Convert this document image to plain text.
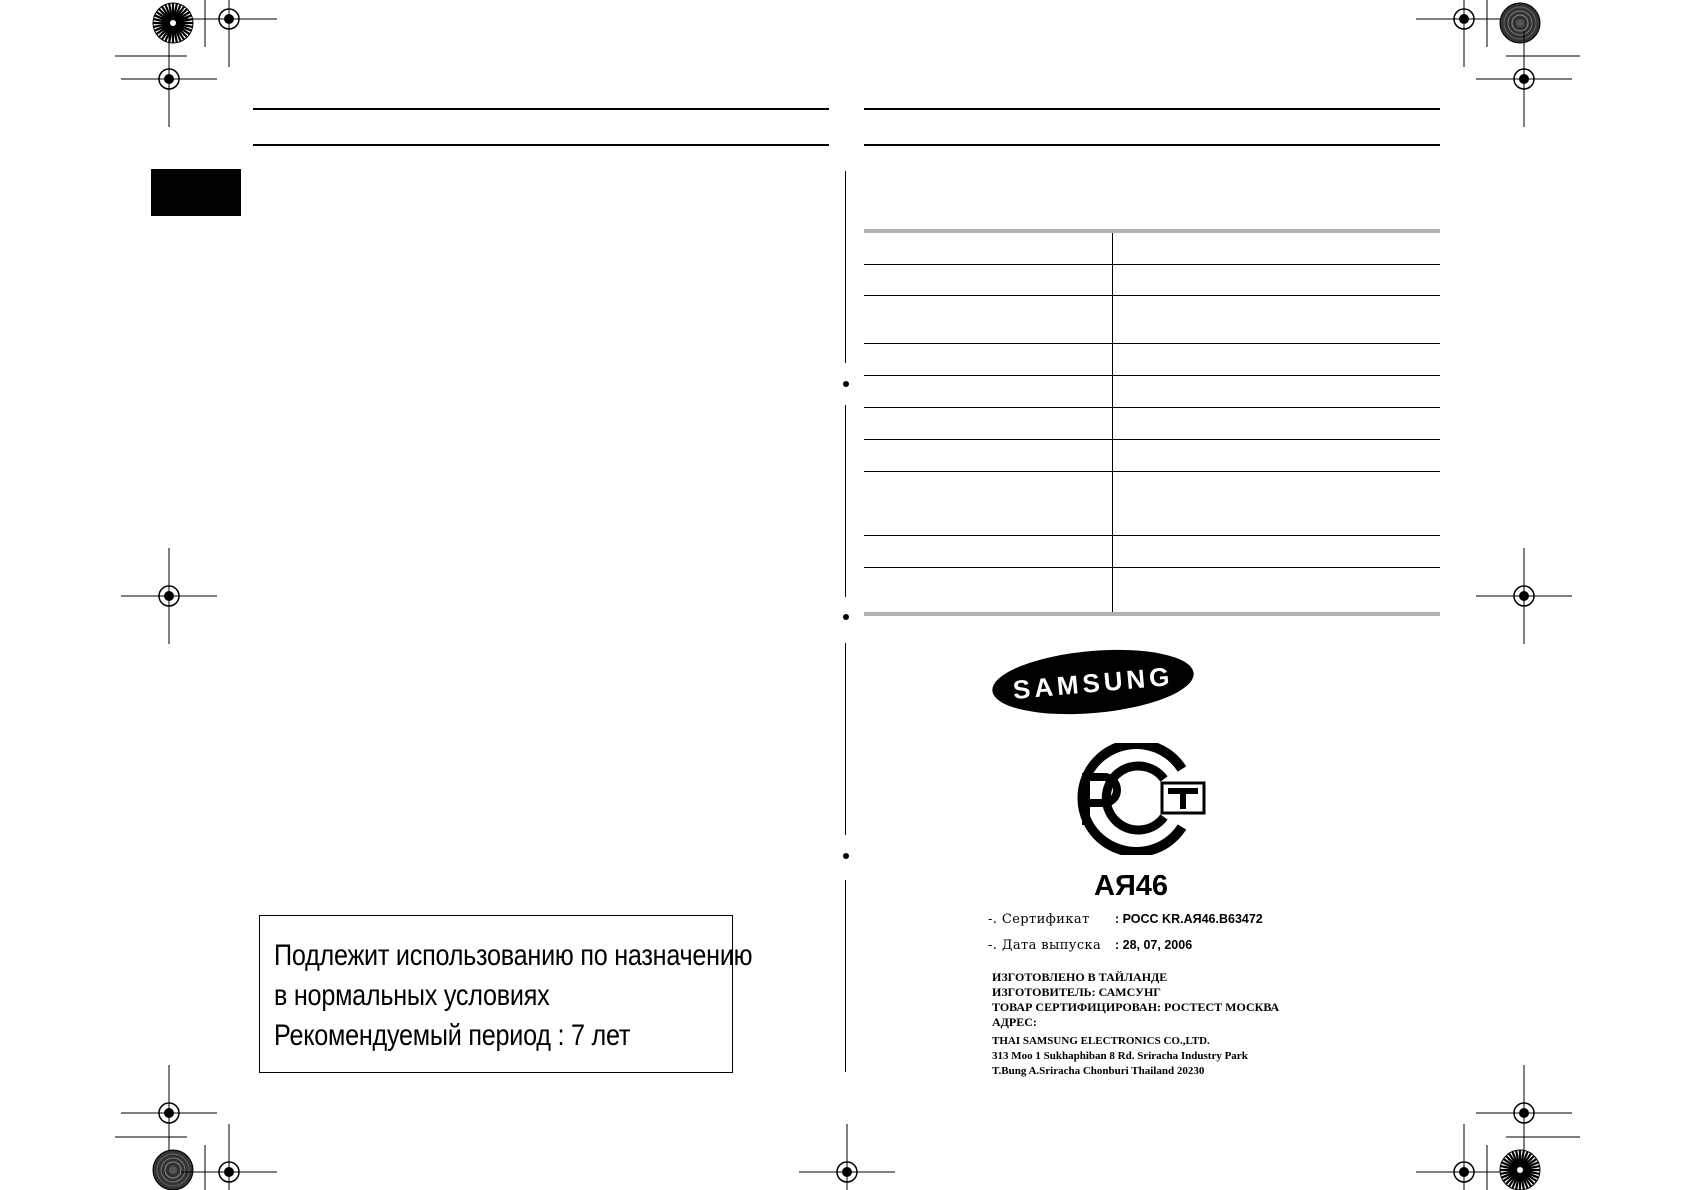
Подлежит использованию по назначению
в нормальных условиях
Рекомендуемый период : 7 лет
SAMSUNG
АЯ46
-. Сертификат : РОСС KR.АЯ46.B63472
-. Дата выпуска : 28, 07, 2006
ИЗГОТОВЛЕНО В ТАЙЛАНДЕ
ИЗГОТОВИТЕЛЬ: САМСУНГ
ТОВАР СЕРТИФИЦИРОВАН: РОСТЕСТ МОСКВА
АДРЕС:
THAI SAMSUNG ELECTRONICS CO.,LTD.
313 Moo 1 Sukhaphiban 8 Rd. Sriracha Industry Park
T.Bung A.Sriracha Chonburi Thailand 20230
